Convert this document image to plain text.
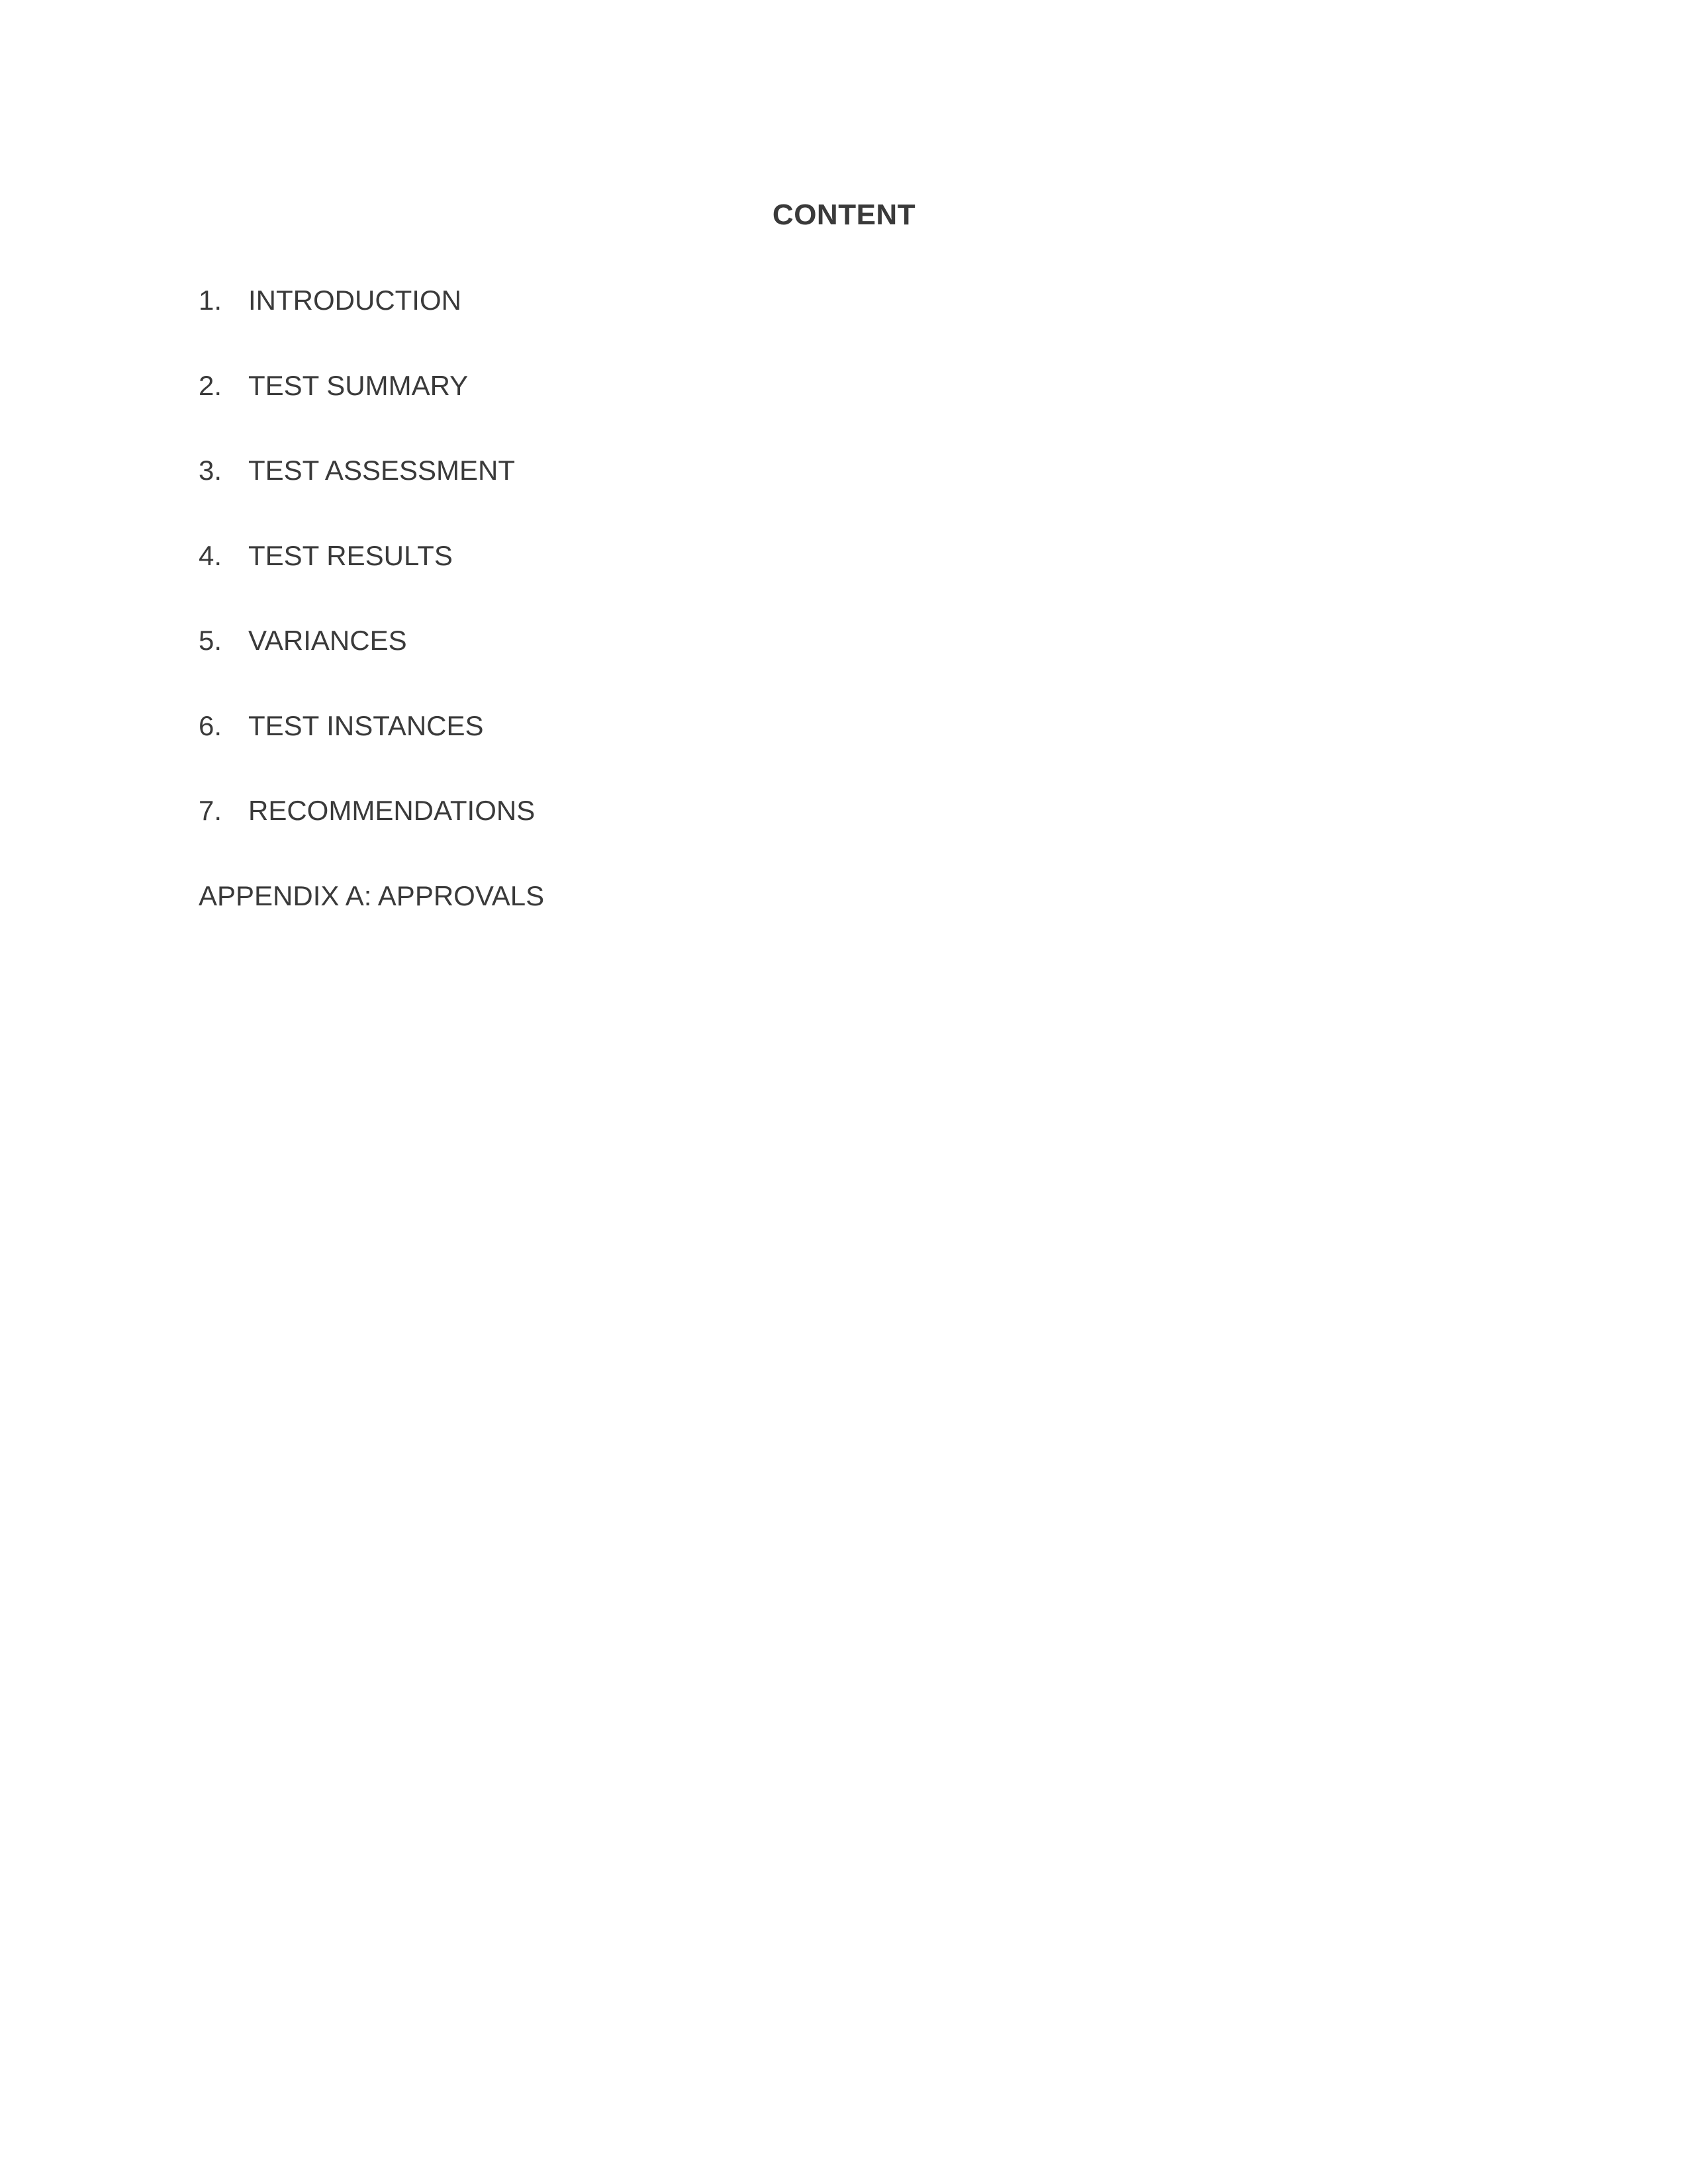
CONTENT
1. INTRODUCTION
2. TEST SUMMARY
3. TEST ASSESSMENT
4. TEST RESULTS
5. VARIANCES
6. TEST INSTANCES
7. RECOMMENDATIONS
APPENDIX A: APPROVALS
